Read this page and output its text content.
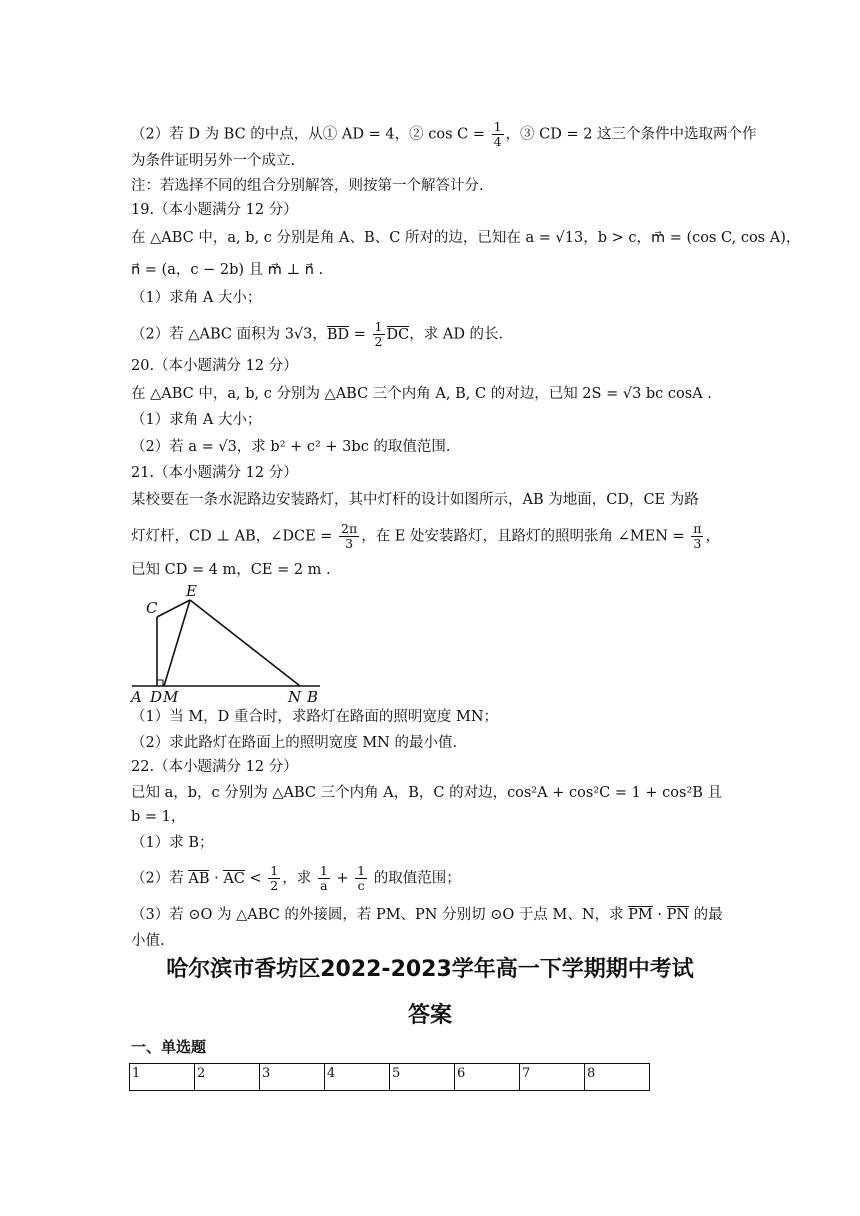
（2）若 D 为 BC 的中点，从① AD = 4，② $\cos C = \frac{1}{4}$ ，③ CD = 2 这三个条件中选取两个作
为条件证明另外一个成立.
注：若选择不同的组合分别解答，则按第一个解答计分.
19.（本小题满分 12 分）
在 △ABC 中，a, b, c 分别是角 A、B、C 所对的边，已知在 a = √13，b > c，m⃗ = (cos C, cos A)，
n⃗ = (a，c − 2b) 且 m⃗ ⊥ n⃗ .
（1）求角 A 大小；
（2）若 △ABC 面积为 3√3，BD = $\frac{1}{2}$ DC，求 AD 的长.
20.（本小题满分 12 分）
在 △ABC 中，a, b, c 分别为 △ABC 三个内角 A, B, C 的对边，已知 2S = √3 bc cosA .
（1）求角 A 大小；
（2）若 a = √3，求 b² + c² + 3bc 的取值范围.
21.（本小题满分 12 分）
某校要在一条水泥路边安装路灯，其中灯杆的设计如图所示，AB 为地面，CD，CE 为路
灯灯杆，CD ⊥ AB，∠DCE = $\frac{2\pi}{3}$ ，在 E 处安装路灯，且路灯的照明张角 ∠MEN = $\frac{\pi}{3}$ ，
已知 CD = 4 m，CE = 2 m .
C
E
A D M	N B
（1）当 M，D 重合时，求路灯在路面的照明宽度 MN；
（2）求此路灯在路面上的照明宽度 MN 的最小值.
22.（本小题满分 12 分）
已知 a，b，c 分别为 △ABC 三个内角 A，B，C 的对边，cos²A + cos²C = 1 + cos²B 且
b = 1，
（1）求 B；
（2）若 AB · AC < $\frac{1}{2}$ ，求 $\frac{1}{a} + \frac{1}{c}$ 的取值范围；
（3）若 ⊙O 为 △ABC 的外接圆，若 PM、PN 分别切 ⊙O 于点 M、N，求 PM · PN 的最
小值.
哈尔滨市香坊区2022-2023学年高一下学期期中考试
答案
一、单选题
1	2	3	4	5	6	7	8
